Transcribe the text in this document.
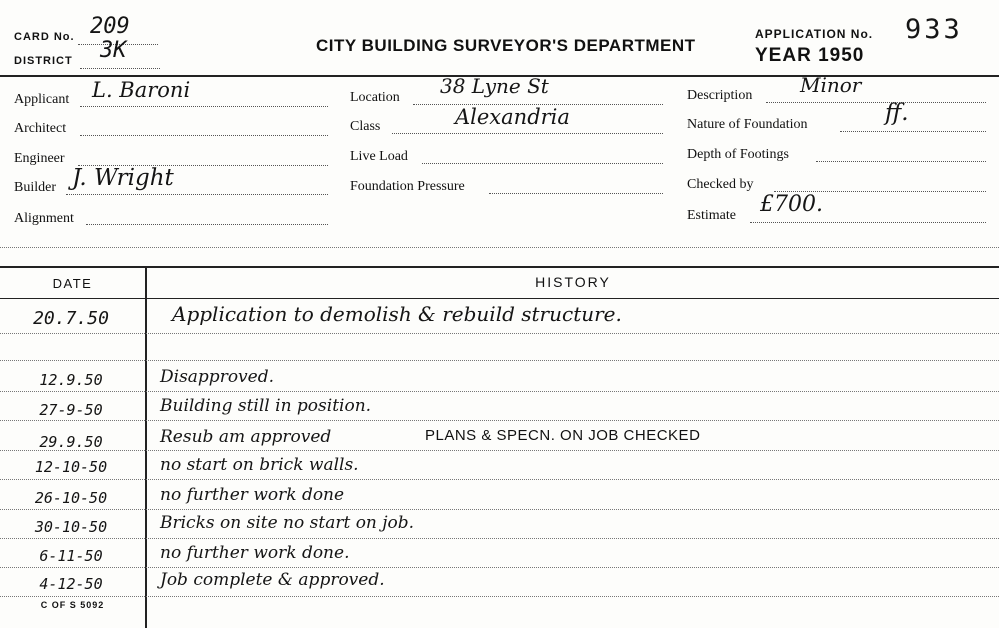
CARD No. 209
DISTRICT 3K	CITY BUILDING SURVEYOR'S DEPARTMENT
APPLICATION No. 933
YEAR 1950
Applicant L. Baroni
Architect
Engineer
Builder J. Wright
Alignment
Location 38 Lyne St
Class	Alexandria
Live Load
Foundation Pressure
Description Minor
Nature of Foundation	ff.
Depth of Footings
Checked by
Estimate £700.
DATE	HISTORY
20.7.50	Application to demolish & rebuild structure.
12.9.50	Disapproved.
27-9-50	Building still in position.
29.9.50	Resub am approved	PLANS & SPECN. ON JOB CHECKED
12-10-50	no start on brick walls.
26-10-50	no further work done
30-10-50	Bricks on site no start on job.
6-11-50	no further work done.
4-12-50	Job complete & approved.
C OF S 5092
